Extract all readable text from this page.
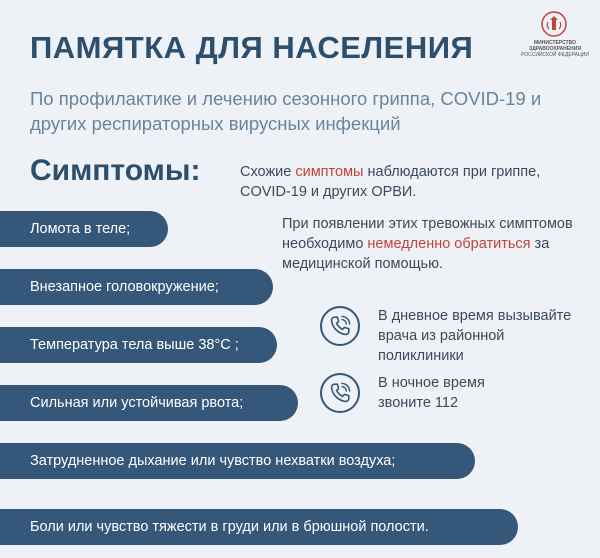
МИНИСТЕРСТВО
ЗДРАВООХРАНЕНИЯ
РОССИЙСКОЙ ФЕДЕРАЦИИ
ПАМЯТКА ДЛЯ НАСЕЛЕНИЯ
По профилактике и лечению сезонного гриппа, COVID-19 и других респираторных вирусных инфекций
Симптомы:	Схожие симптомы наблюдаются при гриппе, COVID-19 и других ОРВИ.
При появлении этих тревожных симптомов необходимо немедленно обратиться за медицинской помощью.
Ломота в теле;
Внезапное головокружение;
Температура тела выше 38°С ;
Сильная или устойчивая рвота;
Затрудненное дыхание или чувство нехватки воздуха;
Боли или чувство тяжести в груди или в брюшной полости.
В дневное время вызывайте врача из районной поликлиники
В ночное время звоните 112
